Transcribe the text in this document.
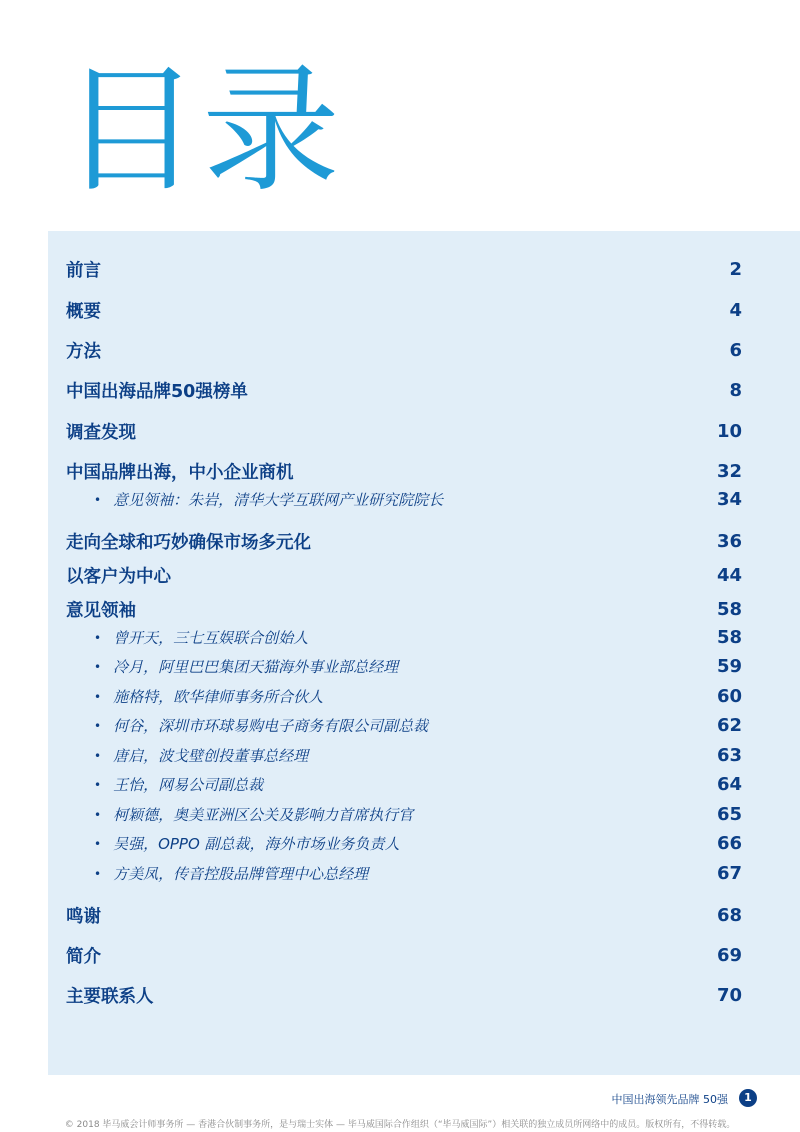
目录
前言	2
概要	4
方法	6
中国出海品牌50强榜单	8
调查发现	10
中国品牌出海，中小企业商机	32
• 意见领袖：朱岩，清华大学互联网产业研究院院长	34
走向全球和巧妙确保市场多元化	36
以客户为中心	44
意见领袖	58
• 曾开天，三七互娱联合创始人	58
• 冷月，阿里巴巴集团天猫海外事业部总经理	59
• 施格特，欧华律师事务所合伙人	60
• 何谷，深圳市环球易购电子商务有限公司副总裁	62
• 唐启，波戈壁创投董事总经理	63
• 王怡，网易公司副总裁	64
• 柯颖德，奥美亚洲区公关及影响力首席执行官	65
• 吴强，OPPO 副总裁，海外市场业务负责人	66
• 方美凤，传音控股品牌管理中心总经理	67
鸣谢	68
简介	69
主要联系人	70
中国出海领先品牌 50强	1
© 2018 毕马威会计师事务所 — 香港合伙制事务所，是与瑞士实体 — 毕马威国际合作组织（“毕马威国际”）相关联的独立成员所网络中的成员。版权所有，不得转载。
